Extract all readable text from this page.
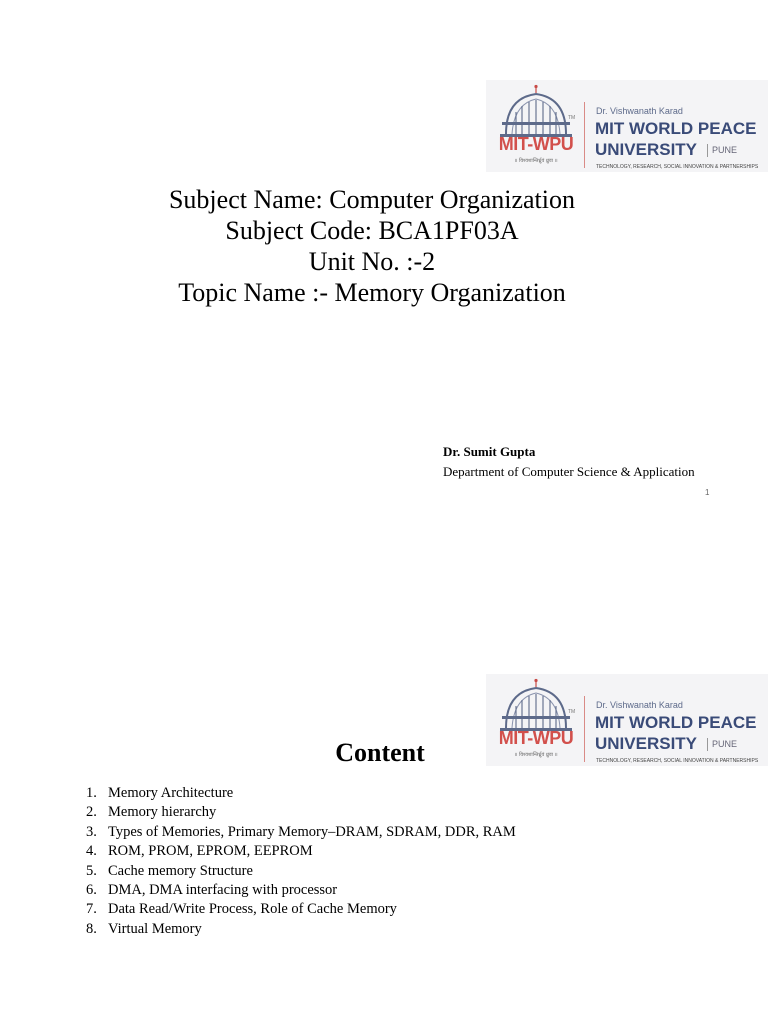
TM
MIT-WPU
॥ विश्वशान्तिर्ध्रुवं ध्रुवा ॥
Dr. Vishwanath Karad
MIT WORLD PEACE
UNIVERSITY PUNE
TECHNOLOGY, RESEARCH, SOCIAL INNOVATION & PARTNERSHIPS
Subject Name: Computer Organization
Subject Code: BCA1PF03A
Unit No. :-2
Topic Name :- Memory Organization
Dr. Sumit Gupta
Department of Computer Science & Application
1
TM
MIT-WPU
॥ विश्वशान्तिर्ध्रुवं ध्रुवा ॥
Dr. Vishwanath Karad
MIT WORLD PEACE
UNIVERSITY PUNE
TECHNOLOGY, RESEARCH, SOCIAL INNOVATION & PARTNERSHIPS
Content
1. Memory Architecture
2. Memory hierarchy
3. Types of Memories, Primary Memory–DRAM, SDRAM, DDR, RAM
4. ROM, PROM, EPROM, EEPROM
5. Cache memory Structure
6. DMA, DMA interfacing with processor
7. Data Read/Write Process, Role of Cache Memory
8. Virtual Memory
